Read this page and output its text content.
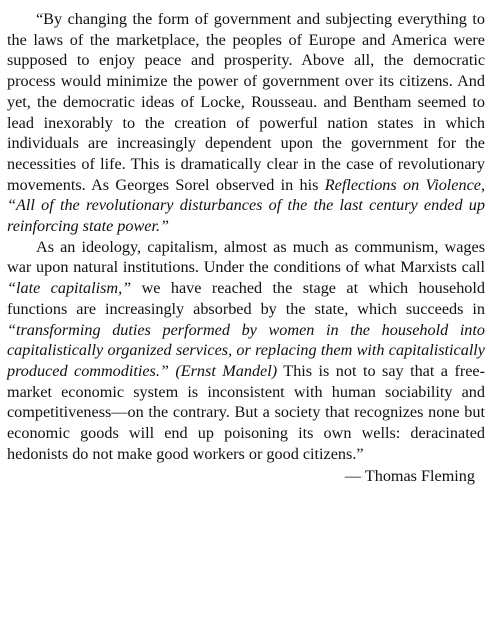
“By changing the form of government and subjecting everything to the laws of the marketplace, the peoples of Europe and America were supposed to enjoy peace and prosperity. Above all, the democratic process would minimize the power of government over its citizens. And yet, the democratic ideas of Locke, Rousseau. and Bentham seemed to lead inexorably to the creation of powerful nation states in which individuals are increasingly dependent upon the government for the necessities of life. This is dramatically clear in the case of revolutionary movements. As Georges Sorel observed in his Reflections on Violence, “All of the revolutionary disturbances of the the last century ended up reinforcing state power.”

As an ideology, capitalism, almost as much as communism, wages war upon natural institutions. Under the conditions of what Marxists call “late capitalism,” we have reached the stage at which household functions are increasingly absorbed by the state, which succeeds in “transforming duties performed by women in the household into capitalistically organized services, or replacing them with capitalistically produced commodities.” (Ernst Mandel) This is not to say that a free-market economic system is inconsistent with human sociability and competitiveness—on the contrary. But a society that recognizes none but economic goods will end up poisoning its own wells: deracinated hedonists do not make good workers or good citizens.”

— Thomas Fleming
